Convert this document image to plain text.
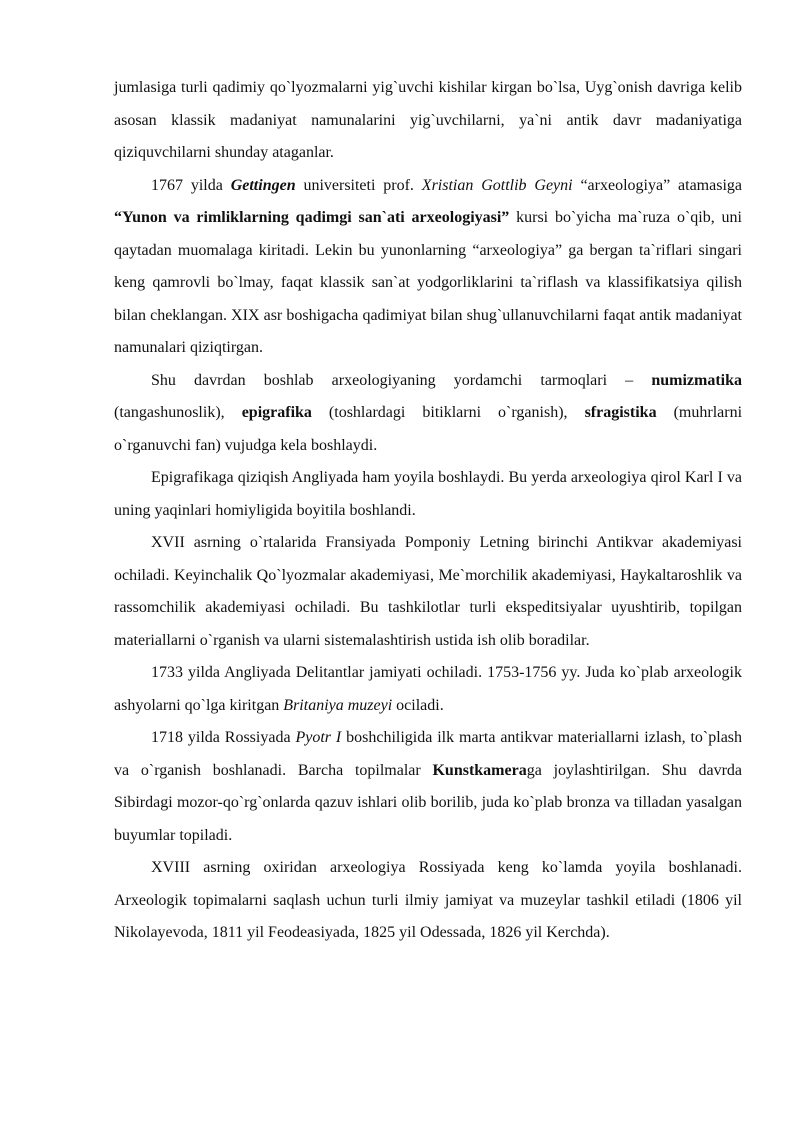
jumlasiga turli qadimiy qo`lyozmalarni yig`uvchi kishilar kirgan bo`lsa, Uyg`onish davriga kelib asosan klassik madaniyat namunalarini yig`uvchilarni, ya`ni antik davr madaniyatiga qiziquvchilarni shunday ataganlar.

1767 yilda Gettingen universiteti prof. Xristian Gottlib Geyni “arxeologiya” atamasiga “Yunon va rimliklarning qadimgi san`ati arxeologiyasi” kursi bo`yicha ma`ruza o`qib, uni qaytadan muomalaga kiritadi. Lekin bu yunonlarning “arxeologiya” ga bergan ta`riflari singari keng qamrovli bo`lmay, faqat klassik san`at yodgorliklarini ta`riflash va klassifikatsiya qilish bilan cheklangan. XIX asr boshigacha qadimiyat bilan shug`ullanuvchilarni faqat antik madaniyat namunalari qiziqtirgan.

Shu davrdan boshlab arxeologiyaning yordamchi tarmoqlari – numizmatika (tangashunoslik), epigrafika (toshlardagi bitiklarni o`rganish), sfragistika (muhrlarni o`rganuvchi fan) vujudga kela boshlaydi.

Epigrafikaga qiziqish Angliyada ham yoyila boshlaydi. Bu yerda arxeologiya qirol Karl I va uning yaqinlari homiyligida boyitila boshlandi.

XVII asrning o`rtalarida Fransiyada Pomponiy Letning birinchi Antikvar akademiyasi ochiladi. Keyinchalik Qo`lyozmalar akademiyasi, Me`morchilik akademiyasi, Haykaltaroshlik va rassomchilik akademiyasi ochiladi. Bu tashkilotlar turli ekspeditsiyalar uyushtirib, topilgan materiallarni o`rganish va ularni sistemalashtirish ustida ish olib boradilar.

1733 yilda Angliyada Delitantlar jamiyati ochiladi. 1753-1756 yy. Juda ko`plab arxeologik ashyolarni qo`lga kiritgan Britaniya muzeyi ociladi.

1718 yilda Rossiyada Pyotr I boshchiligida ilk marta antikvar materiallarni izlash, to`plash va o`rganish boshlanadi. Barcha topilmalar Kunstkameraga joylashtirilgan. Shu davrda Sibirdagi mozor-qo`rg`onlarda qazuv ishlari olib borilib, juda ko`plab bronza va tilladan yasalgan buyumlar topiladi.

XVIII asrning oxiridan arxeologiya Rossiyada keng ko`lamda yoyila boshlanadi. Arxeologik topimalarni saqlash uchun turli ilmiy jamiyat va muzeylar tashkil etiladi (1806 yil Nikolayevoda, 1811 yil Feodeasiyada, 1825 yil Odessada, 1826 yil Kerchda).
